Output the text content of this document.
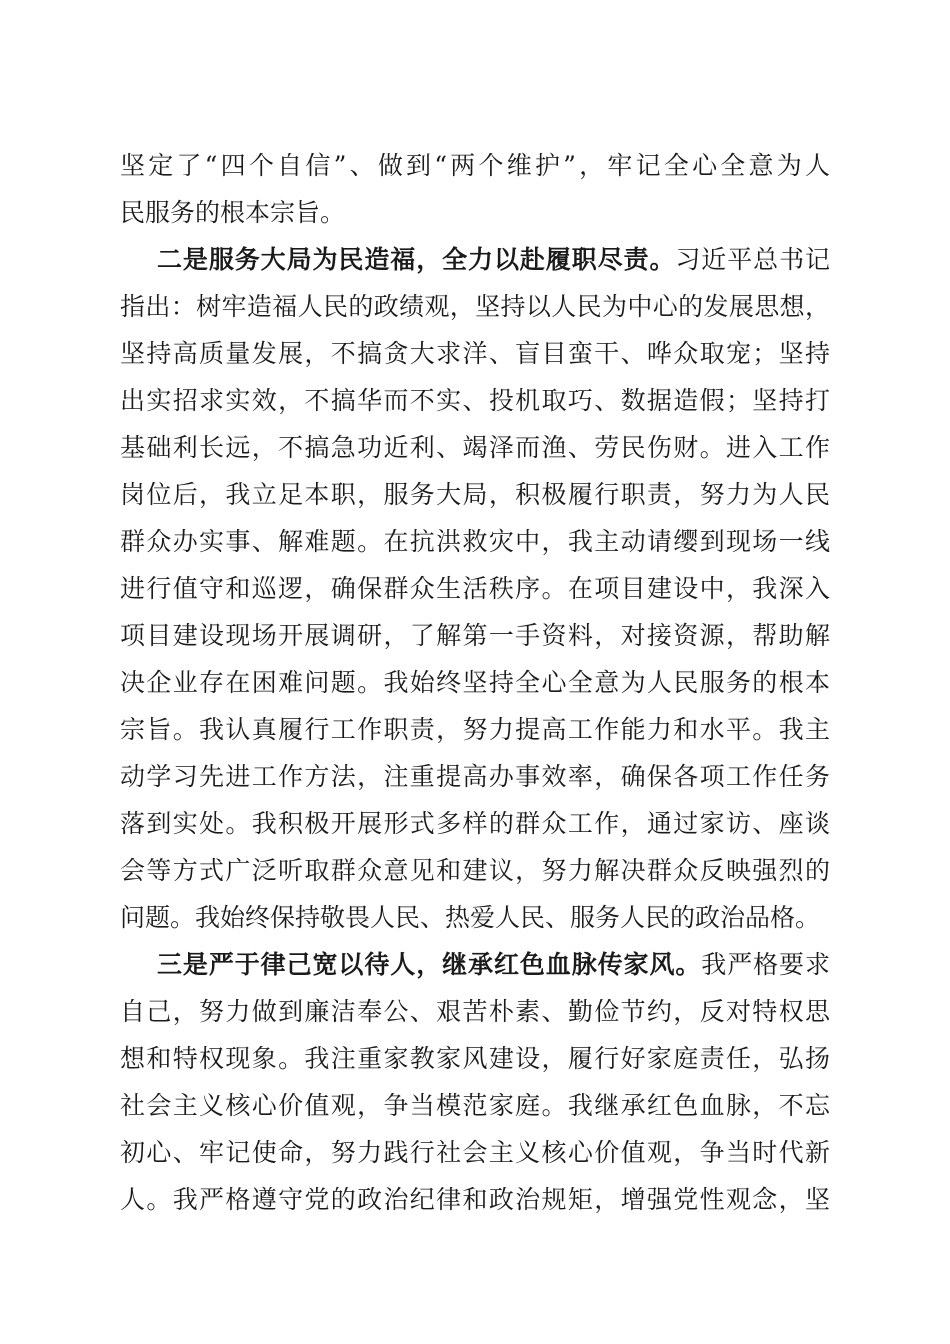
坚定了“四个自信”、做到“两个维护”，牢记全心全意为人
民服务的根本宗旨。
二是服务大局为民造福，全力以赴履职尽责。习近平总书记
指出：树牢造福人民的政绩观，坚持以人民为中心的发展思想，
坚持高质量发展，不搞贪大求洋、盲目蛮干、哗众取宠；坚持
出实招求实效，不搞华而不实、投机取巧、数据造假；坚持打
基础利长远，不搞急功近利、竭泽而渔、劳民伤财。进入工作
岗位后，我立足本职，服务大局，积极履行职责，努力为人民
群众办实事、解难题。在抗洪救灾中，我主动请缨到现场一线
进行值守和巡逻，确保群众生活秩序。在项目建设中，我深入
项目建设现场开展调研，了解第一手资料，对接资源，帮助解
决企业存在困难问题。我始终坚持全心全意为人民服务的根本
宗旨。我认真履行工作职责，努力提高工作能力和水平。我主
动学习先进工作方法，注重提高办事效率，确保各项工作任务
落到实处。我积极开展形式多样的群众工作，通过家访、座谈
会等方式广泛听取群众意见和建议，努力解决群众反映强烈的
问题。我始终保持敬畏人民、热爱人民、服务人民的政治品格。
三是严于律己宽以待人，继承红色血脉传家风。我严格要求
自己，努力做到廉洁奉公、艰苦朴素、勤俭节约，反对特权思
想和特权现象。我注重家教家风建设，履行好家庭责任，弘扬
社会主义核心价值观，争当模范家庭。我继承红色血脉，不忘
初心、牢记使命，努力践行社会主义核心价值观，争当时代新
人。我严格遵守党的政治纪律和政治规矩，增强党性观念，坚
